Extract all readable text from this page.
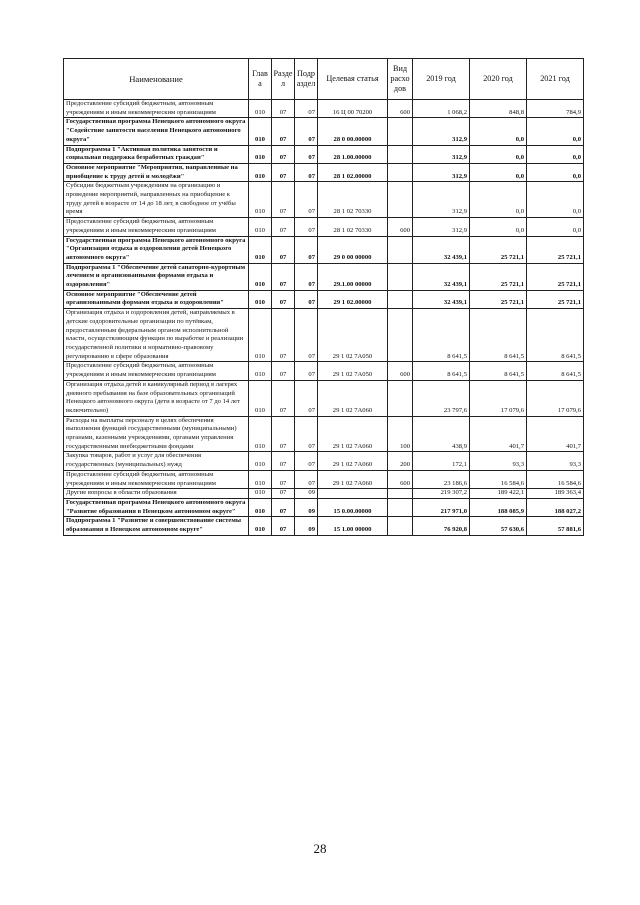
Наименование	Глав а	Разде л	Подр аздел	Целевая статья	Вид расхо дов	2019 год	2020 год	2021 год
Предоставление субсидий бюджетным, автономным учреждениям и иным некоммерческим организациям	010	07	07	16 Ц 00 70200	600	1 068,2	848,8	784,9
Государственная программа Ненецкого автономного округа "Содействие занятости населения Ненецкого автономного округа"	010	07	07	28 0 00.00000		312,9	0,0	0,0
Подпрограмма 1 "Активная политика занятости и социальная поддержка безработных граждан"	010	07	07	28 1.00.00000		312,9	0,0	0,0
Основное мероприятие "Мероприятия, направленные на приобщение к труду детей и молодёжи"	010	07	07	28 1 02.00000		312,9	0,0	0,0
Субсидии бюджетным учреждениям на организацию и проведение мероприятий, направленных на приобщение к труду детей в возрасте от 14 до 18 лет, в свободное от учёбы время	010	07	07	28 1 02 70330		312,9	0,0	0,0
Предоставление субсидий бюджетным, автономным учреждениям и иным некоммерческим организациям	010	07	07	28 1 02 70330	600	312,9	0,0	0,0
Государственная программа Ненецкого автономного округа "Организация отдыха и оздоровления детей Ненецкого автономного округа"	010	07	07	29 0 00 00000		32 439,1	25 721,1	25 721,1
Подпрограмма 1 "Обеспечение детей санаторно-курортным лечением и организованными формами отдыха и оздоровления"	010	07	07	29.1.00 00000		32 439,1	25 721,1	25 721,1
Основное мероприятие "Обеспечение детей организованными формами отдыха и оздоровления"	010	07	07	29 1 02.00000		32 439,1	25 721,1	25 721,1
Организация отдыха и оздоровления детей, направляемых в детские оздоровительные организации по путёвкам, предоставленным федеральным органом исполнительной власти, осуществляющим функции по выработке и реализации государственной политики и нормативно-правовому регулированию в сфере образования	010	07	07	29 1 02 7А050		8 641,5	8 641,5	8 641,5
Предоставление субсидий бюджетным, автономным учреждениям и иным некоммерческим организациям	010	07	07	29 1 02 7А050	600	8 641,5	8 641,5	8 641,5
Организация отдыха детей в каникулярный период в лагерях дневного пребывания на базе образовательных организаций Ненецкого автономного округа (дети в возрасте от 7 до 14 лет включительно)	010	07	07	29 1 02 7А060		23 797,6	17 079,6	17 079,6
Расходы на выплаты персоналу в целях обеспечения выполнения функций государственными (муниципальными) органами, казенными учреждениями, органами управления государственными внебюджетными фондами	010	07	07	29 1 02 7А060	100	438,9	401,7	401,7
Закупка товаров, работ и услуг для обеспечения государственных (муниципальных) нужд	010	07	07	29 1 02 7А060	200	172,1	93,3	93,3
Предоставление субсидий бюджетным, автономным учреждениям и иным некоммерческим организациям	010	07	07	29 1 02 7А060	600	23 186,6	16 584,6	16 584,6
Другие вопросы в области образования	010	07	09			219 307,2	189 422,1	189 363,4
Государственная программа Ненецкого автономного округа "Развитие образования в Ненецком автономном округе"	010	07	09	15 0.00.00000		217 971,0	188 085,9	188 027,2
Подпрограмма 1 "Развитие и совершенствование системы образования в Ненецком автономном округе"	010	07	09	15 1.00 00000		76 920,8	57 630,6	57 881,6
28
